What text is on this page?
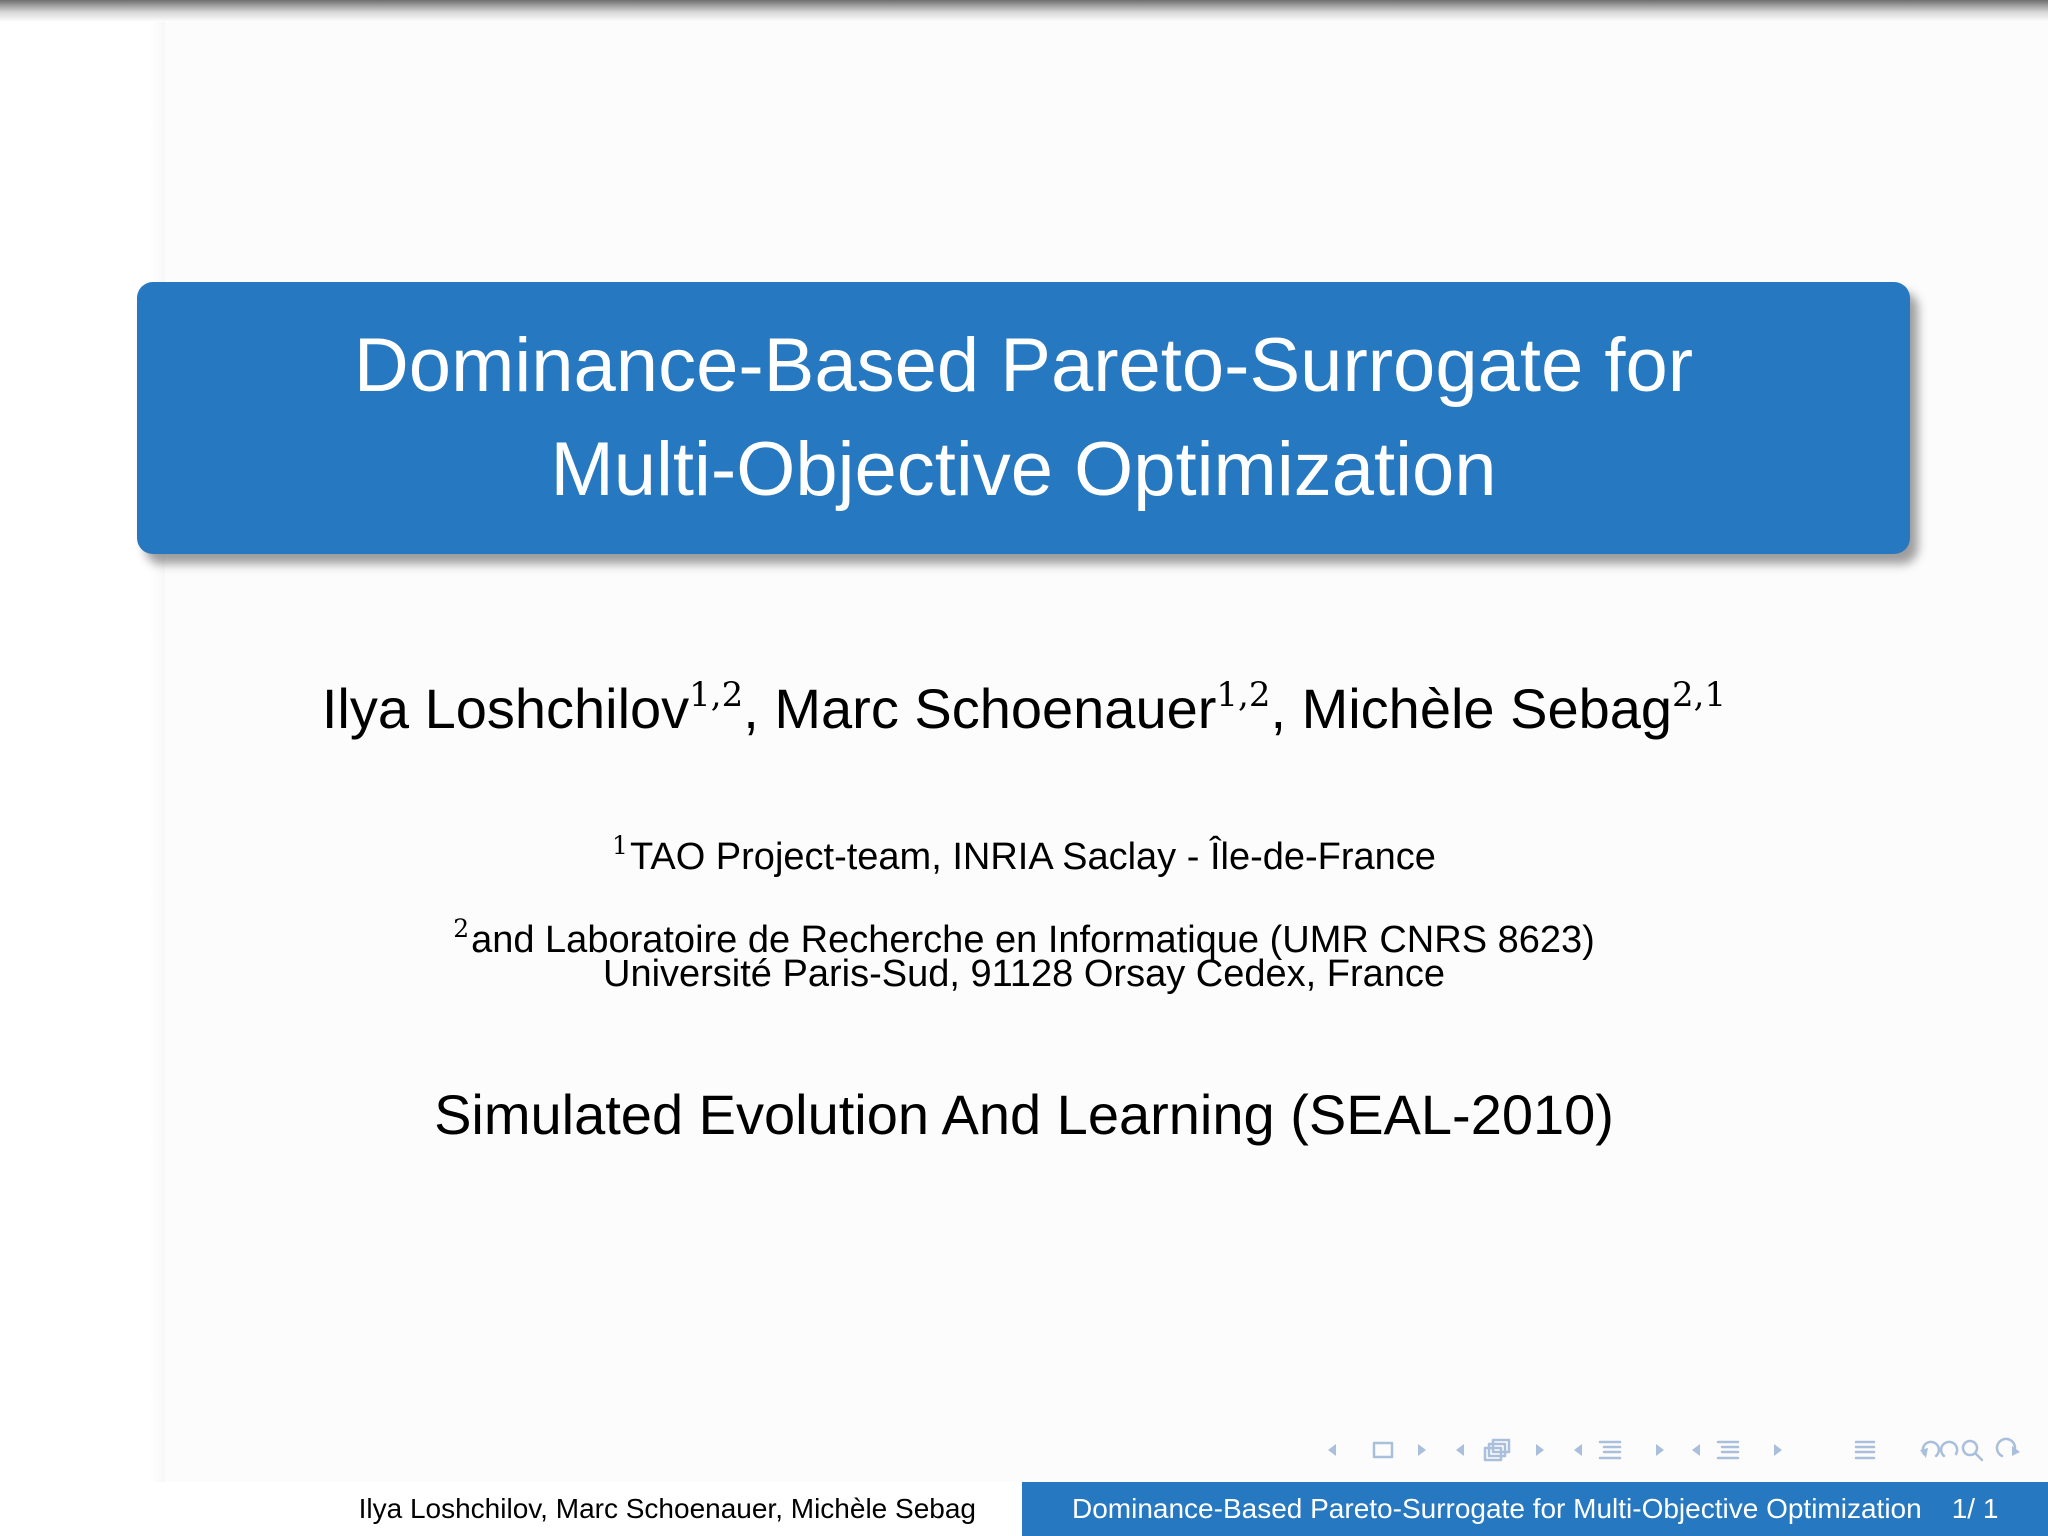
Dominance-Based Pareto-Surrogate for
Multi-Objective Optimization
Ilya Loshchilov$^{1,2}$, Marc Schoenauer$^{1,2}$, Michèle Sebag$^{2,1}$
$^1$TAO Project-team, INRIA Saclay - Île-de-France
$^2$and Laboratoire de Recherche en Informatique (UMR CNRS 8623)
Université Paris-Sud, 91128 Orsay Cedex, France
Simulated Evolution And Learning (SEAL-2010)
Ilya Loshchilov, Marc Schoenauer, Michèle Sebag	Dominance-Based Pareto-Surrogate for Multi-Objective Optimization 1/ 1
